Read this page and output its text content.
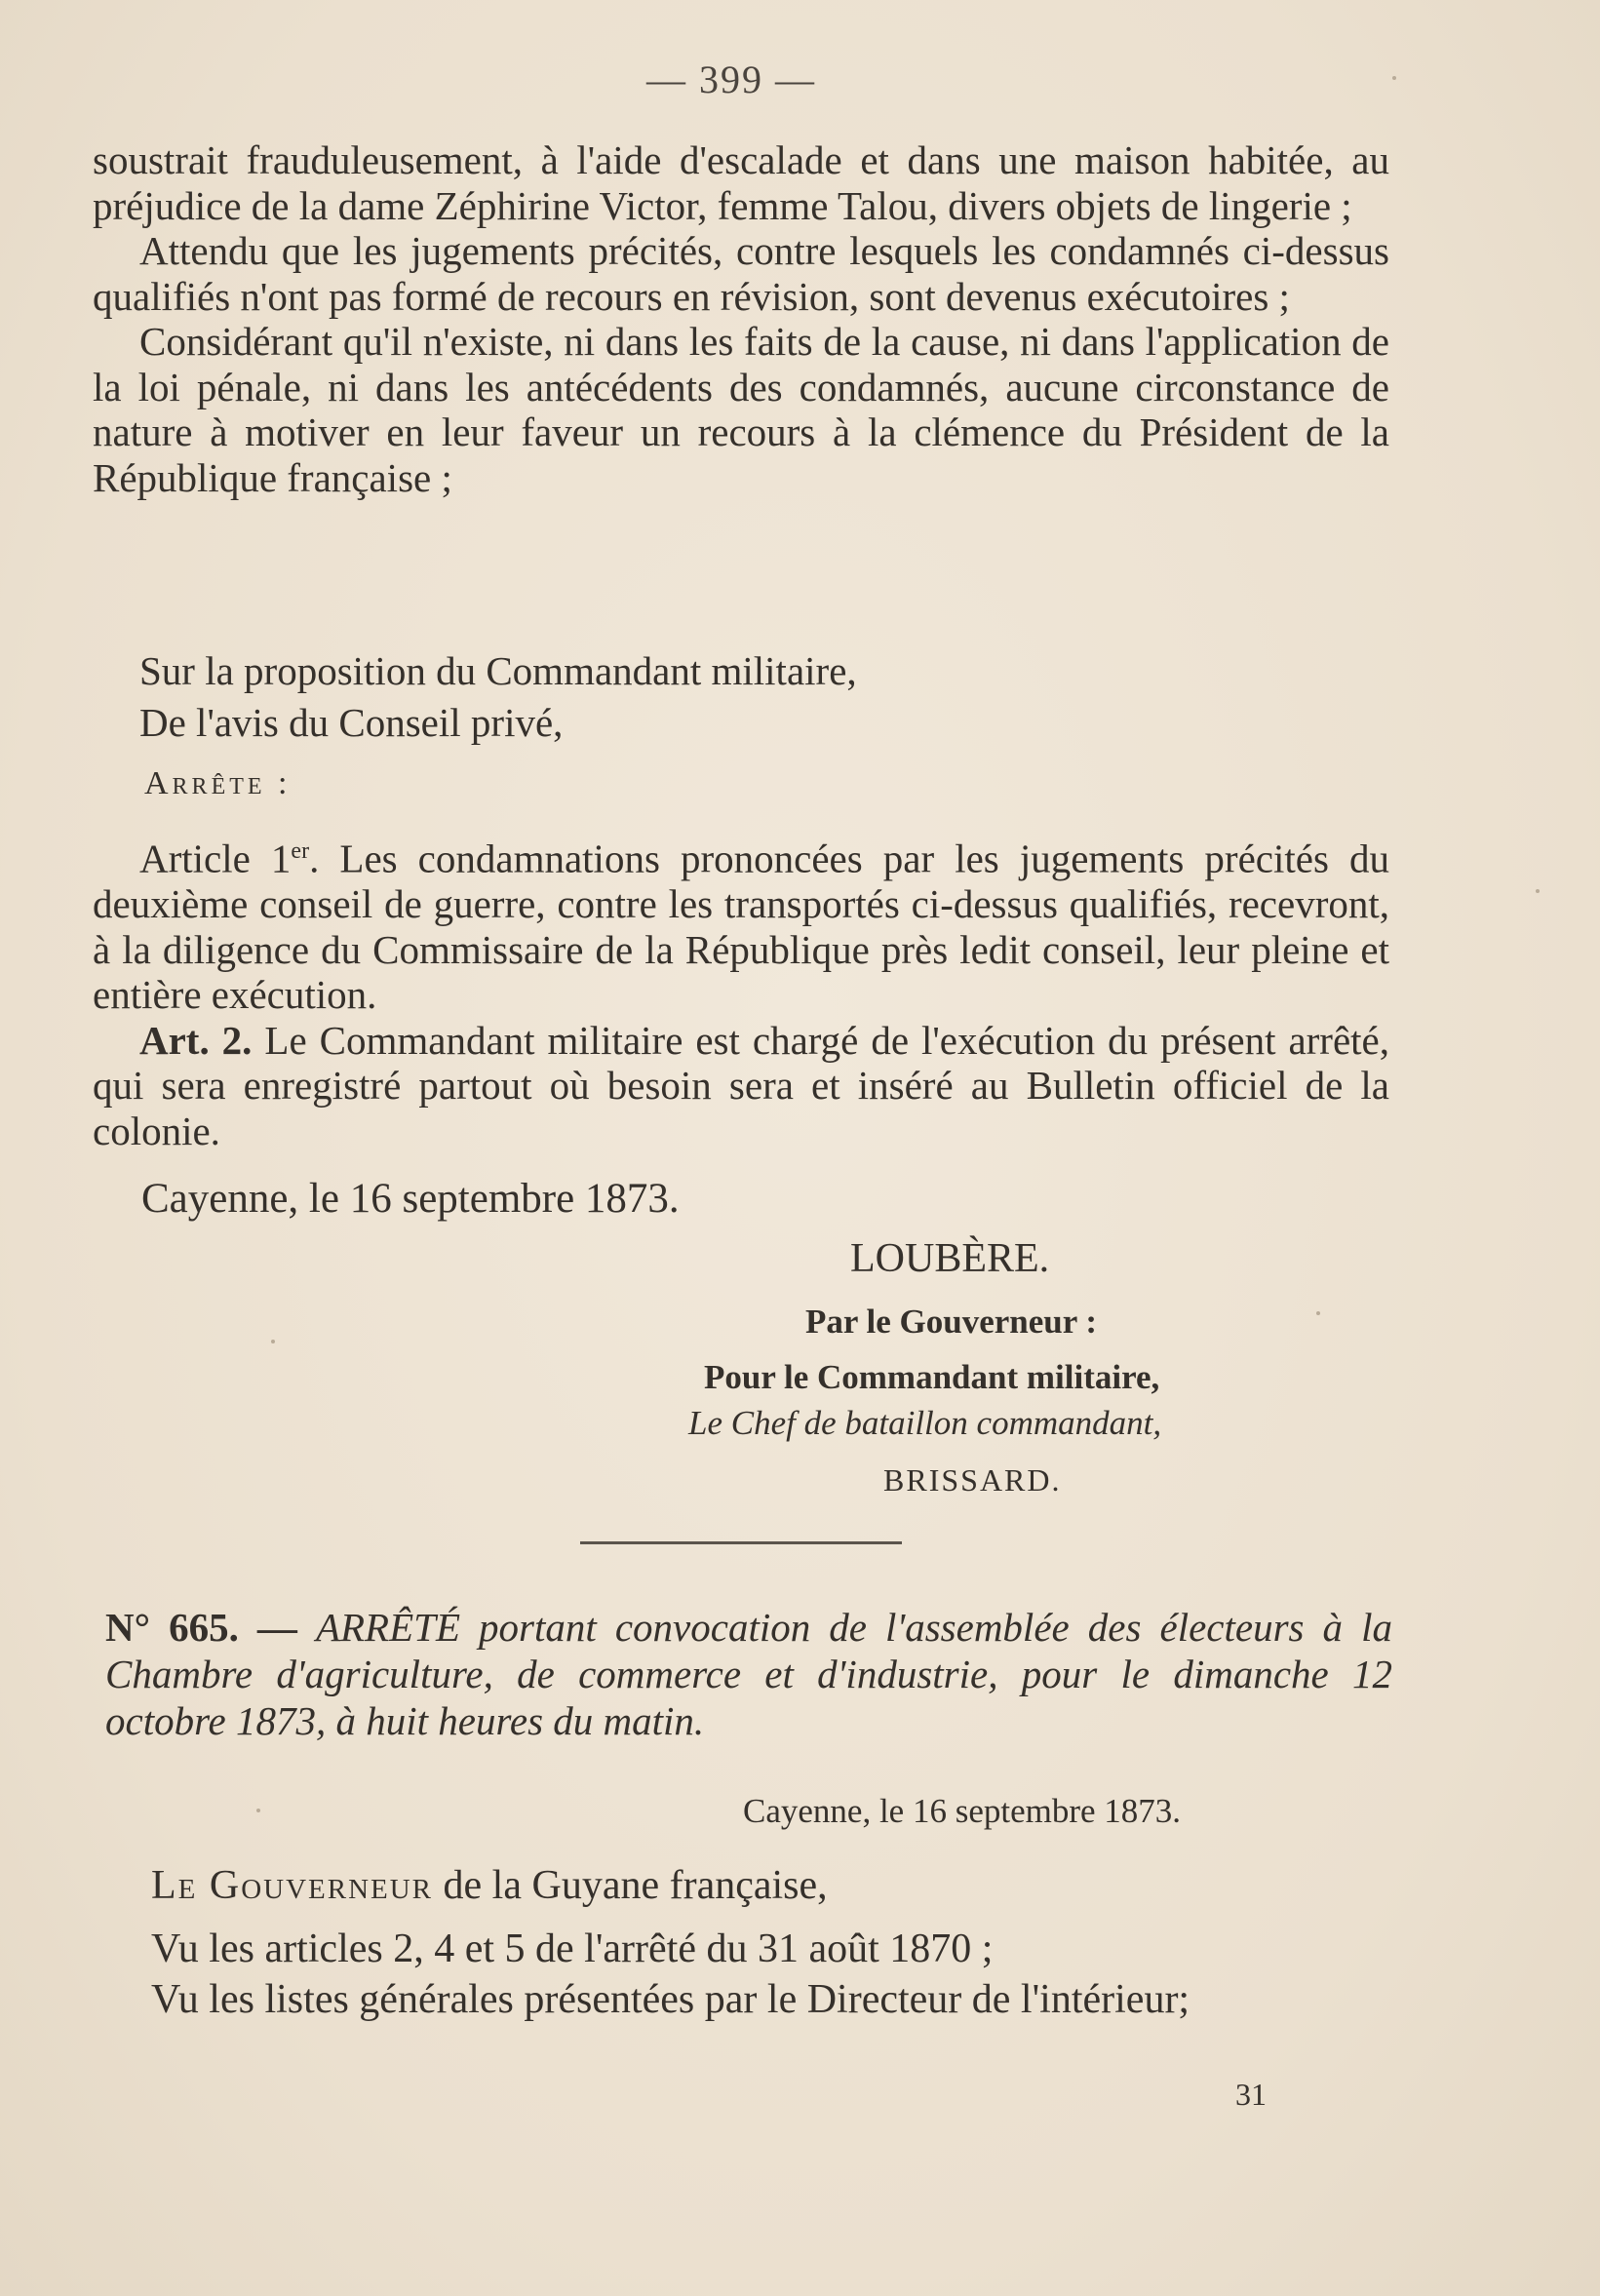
— 399 —

soustrait frauduleusement, à l'aide d'escalade et dans une maison habitée, au préjudice de la dame Zéphirine Victor, femme Talou, divers objets de lingerie ;

Attendu que les jugements précités, contre lesquels les condamnés ci-dessus qualifiés n'ont pas formé de recours en révision, sont devenus exécutoires ;

Considérant qu'il n'existe, ni dans les faits de la cause, ni dans l'application de la loi pénale, ni dans les antécédents des condamnés, aucune circonstance de nature à motiver en leur faveur un recours à la clémence du Président de la République française ;

Sur la proposition du Commandant militaire,
De l'avis du Conseil privé,
Arrête :

Article 1er. Les condamnations prononcées par les jugements précités du deuxième conseil de guerre, contre les transportés ci-dessus qualifiés, recevront, à la diligence du Commissaire de la République près ledit conseil, leur pleine et entière exécution.

Art. 2. Le Commandant militaire est chargé de l'exécution du présent arrêté, qui sera enregistré partout où besoin sera et inséré au Bulletin officiel de la colonie.

Cayenne, le 16 septembre 1873.
LOUBÈRE.
Par le Gouverneur :
Pour le Commandant militaire,
Le Chef de bataillon commandant,
BRISSARD.

N° 665. — ARRÊTÉ portant convocation de l'assemblée des électeurs à la Chambre d'agriculture, de commerce et d'industrie, pour le dimanche 12 octobre 1873, à huit heures du matin.

Cayenne, le 16 septembre 1873.
Le Gouverneur de la Guyane française,
Vu les articles 2, 4 et 5 de l'arrêté du 31 août 1870 ;

Vu les listes générales présentées par le Directeur de l'intérieur;

31
